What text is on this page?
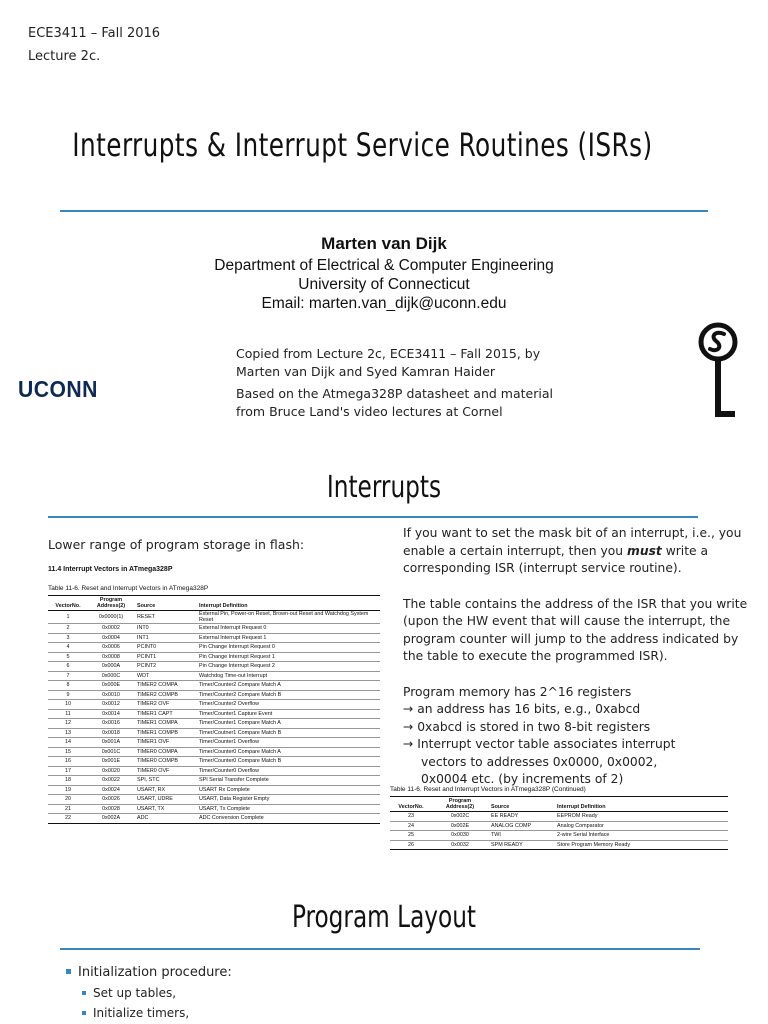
ECE3411 – Fall 2016
Lecture 2c.
Interrupts & Interrupt Service Routines (ISRs)
Marten van Dijk
Department of Electrical & Computer Engineering
University of Connecticut
Email: marten.van_dijk@uconn.edu
UCONN
Copied from Lecture 2c, ECE3411 – Fall 2015, by
Marten van Dijk and Syed Kamran Haider
Based on the Atmega328P datasheet and material
from Bruce Land's video lectures at Cornel
Interrupts
Lower range of program storage in flash:
11.4 Interrupt Vectors in ATmega328P
Table 11-6. Reset and Interrupt Vectors in ATmega328P
VectorNo.	Program Address(2)	Source	Interrupt Definition
1	0x0000(1)	RESET	External Pin, Power-on Reset, Brown-out Reset and Watchdog System Reset
2	0x0002	INT0	External Interrupt Request 0
3	0x0004	INT1	External Interrupt Request 1
4	0x0006	PCINT0	Pin Change Interrupt Request 0
5	0x0008	PCINT1	Pin Change Interrupt Request 1
6	0x000A	PCINT2	Pin Change Interrupt Request 2
7	0x000C	WDT	Watchdog Time-out Interrupt
8	0x000E	TIMER2 COMPA	Timer/Counter2 Compare Match A
9	0x0010	TIMER2 COMPB	Timer/Counter2 Compare Match B
10	0x0012	TIMER2 OVF	Timer/Counter2 Overflow
11	0x0014	TIMER1 CAPT	Timer/Counter1 Capture Event
12	0x0016	TIMER1 COMPA	Timer/Counter1 Compare Match A
13	0x0018	TIMER1 COMPB	Timer/Coutner1 Compare Match B
14	0x001A	TIMER1 OVF	Timer/Counter1 Overflow
15	0x001C	TIMER0 COMPA	Timer/Counter0 Compare Match A
16	0x001E	TIMER0 COMPB	Timer/Counter0 Compare Match B
17	0x0020	TIMER0 OVF	Timer/Counter0 Overflow
18	0x0022	SPI, STC	SPI Serial Transfer Complete
19	0x0024	USART, RX	USART Rx Complete
20	0x0026	USART, UDRE	USART, Data Register Empty
21	0x0028	USART, TX	USART, Tx Complete
22	0x002A	ADC	ADC Conversion Complete

If you want to set the mask bit of an interrupt, i.e., you enable a certain interrupt, then you must write a corresponding ISR (interrupt service routine).

The table contains the address of the ISR that you write (upon the HW event that will cause the interrupt, the program counter will jump to the address indicated by the table to execute the programmed ISR).

Program memory has 2^16 registers
→ an address has 16 bits, e.g., 0xabcd
→ 0xabcd is stored in two 8-bit registers
→ Interrupt vector table associates interrupt
vectors to addresses 0x0000, 0x0002,
0x0004 etc. (by increments of 2)
Table 11-6. Reset and Interrupt Vectors in ATmega328P (Continued)
VectorNo.	Program Address(2)	Source	Interrupt Definition
23	0x002C	EE READY	EEPROM Ready
24	0x002E	ANALOG COMP	Analog Comparator
25	0x0030	TWI	2-wire Serial Interface
26	0x0032	SPM READY	Store Program Memory Ready
Program Layout
Initialization procedure:
Set up tables,
Initialize timers,
